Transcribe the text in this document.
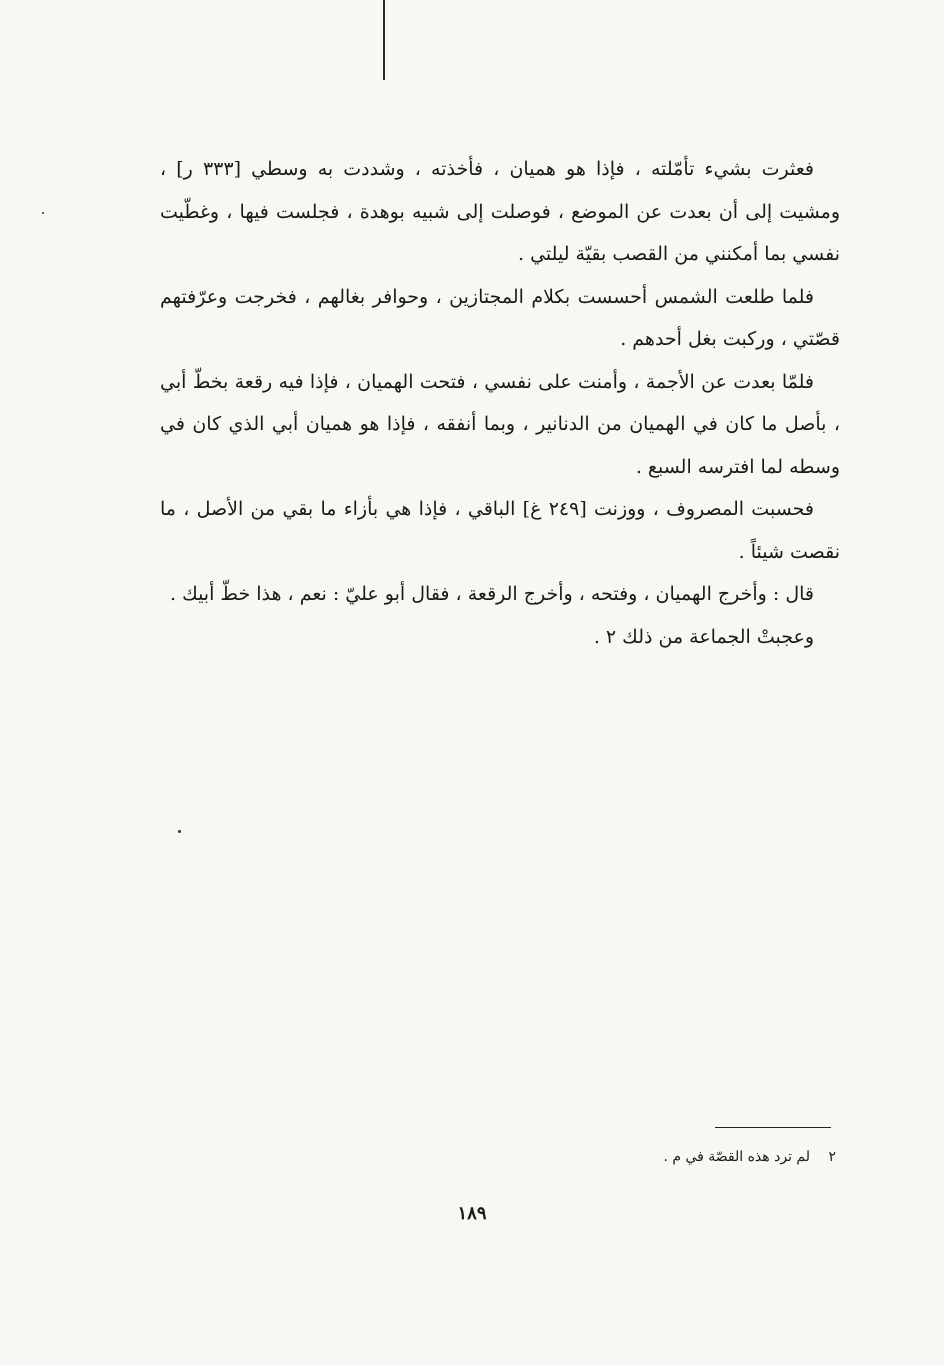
فعثرت بشيء تأمّلته ، فإذا هو هميان ، فأخذته ، وشددت به وسطي [٣٣٣ ر] ، ومشيت إلى أن بعدت عن الموضع ، فوصلت إلى شبيه بوهدة ، فجلست فيها ، وغطّيت نفسي بما أمكنني من القصب بقيّة ليلتي .

فلما طلعت الشمس أحسست بكلام المجتازين ، وحوافر بغالهم ، فخرجت وعرّفتهم قصّتي ، وركبت بغل أحدهم .

فلمّا بعدت عن الأجمة ، وأمنت على نفسي ، فتحت الهميان ، فإذا فيه رقعة بخطّ أبي ، بأصل ما كان في الهميان من الدنانير ، وبما أنفقه ، فإذا هو هميان أبي الذي كان في وسطه لما افترسه السبع .

فحسبت المصروف ، ووزنت [٢٤٩ غ] الباقي ، فإذا هي بأزاء ما بقي من الأصل ، ما نقصت شيئاً .

قال : وأخرج الهميان ، وفتحه ، وأخرج الرقعة ، فقال أبو عليّ : نعم ، هذا خطّ أبيك .

وعجبتْ الجماعة من ذلك ٢ .

٢ لم ترد هذه القصّة في م .
١٨٩
